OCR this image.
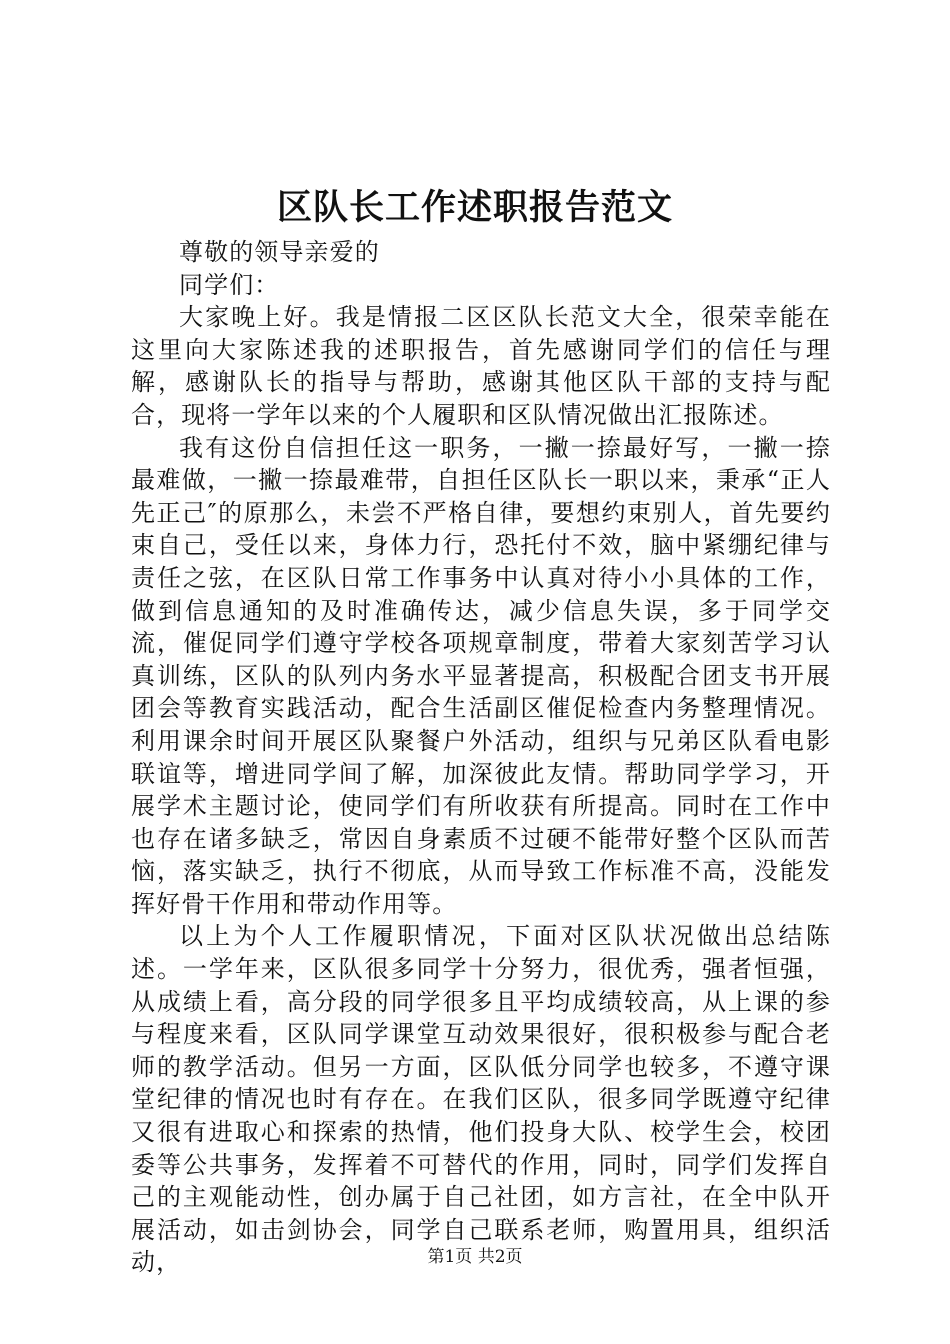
区队长工作述职报告范文

尊敬的领导亲爱的

同学们：

大家晚上好。我是情报二区区队长范文大全，很荣幸能在这里向大家陈述我的述职报告，首先感谢同学们的信任与理解，感谢队长的指导与帮助，感谢其他区队干部的支持与配合，现将一学年以来的个人履职和区队情况做出汇报陈述。

我有这份自信担任这一职务，一撇一捺最好写，一撇一捺最难做，一撇一捺最难带，自担任区队长一职以来，秉承“正人先正己″的原那么，未尝不严格自律，要想约束别人，首先要约束自己，受任以来，身体力行，恐托付不效，脑中紧绷纪律与责任之弦，在区队日常工作事务中认真对待小小具体的工作，做到信息通知的及时准确传达，减少信息失误，多于同学交流，催促同学们遵守学校各项规章制度，带着大家刻苦学习认真训练，区队的队列内务水平显著提高，积极配合团支书开展团会等教育实践活动，配合生活副区催促检查内务整理情况。利用课余时间开展区队聚餐户外活动，组织与兄弟区队看电影联谊等，增进同学间了解，加深彼此友情。帮助同学学习，开展学术主题讨论，使同学们有所收获有所提高。同时在工作中也存在诸多缺乏，常因自身素质不过硬不能带好整个区队而苦恼，落实缺乏，执行不彻底，从而导致工作标准不高，没能发挥好骨干作用和带动作用等。

以上为个人工作履职情况，下面对区队状况做出总结陈述。一学年来，区队很多同学十分努力，很优秀，强者恒强，从成绩上看，高分段的同学很多且平均成绩较高，从上课的参与程度来看，区队同学课堂互动效果很好，很积极参与配合老师的教学活动。但另一方面，区队低分同学也较多，不遵守课堂纪律的情况也时有存在。在我们区队，很多同学既遵守纪律又很有进取心和探索的热情，他们投身大队、校学生会，校团委等公共事务，发挥着不可替代的作用，同时，同学们发挥自己的主观能动性，创办属于自己社团，如方言社，在全中队开展活动，如击剑协会，同学自己联系老师，购置用具，组织活动，	第1页 共2页
